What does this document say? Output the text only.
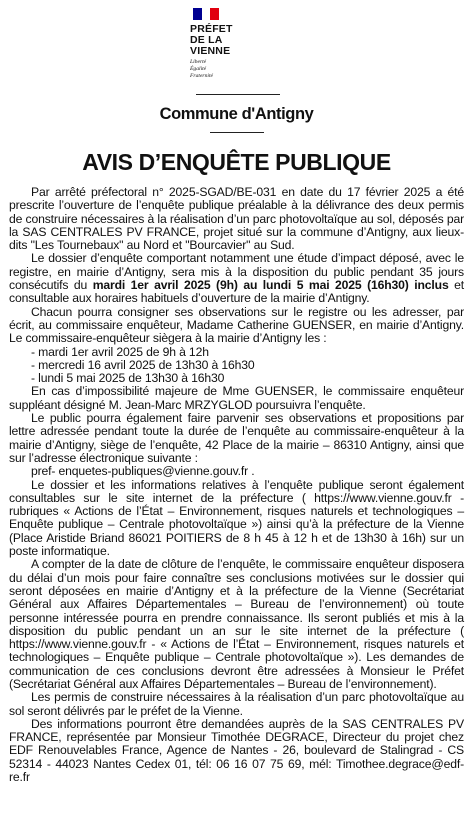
PRÉFET
DE LA VIENNE
Liberté
Égalité
Fraternité
Commune d'Antigny
AVIS D’ENQUÊTE PUBLIQUE

Par arrêté préfectoral n° 2025-SGAD/BE-031 en date du 17 février 2025 a été prescrite l’ouverture de l’enquête publique préalable à la délivrance des deux permis de construire nécessaires à la réalisation d’un parc photovoltaïque au sol, déposés par la SAS CENTRALES PV FRANCE, projet situé sur la commune d’Antigny, aux lieux-dits "Les Tournebaux" au Nord et "Bourcavier" au Sud.

Le dossier d’enquête comportant notamment une étude d’impact déposé, avec le registre, en mairie d’Antigny, sera mis à la disposition du public pendant 35 jours consécutifs du mardi 1er avril 2025 (9h) au lundi 5 mai 2025 (16h30) inclus et consultable aux horaires habituels d’ouverture de la mairie d’Antigny.

Chacun pourra consigner ses observations sur le registre ou les adresser, par écrit, au commissaire enquêteur, Madame Catherine GUENSER, en mairie d’Antigny. Le commissaire-enquêteur siègera à la mairie d’Antigny les :

- mardi 1er avril 2025 de 9h à 12h

- mercredi 16 avril 2025 de 13h30 à 16h30

- lundi 5 mai 2025 de 13h30 à 16h30

En cas d’impossibilité majeure de Mme GUENSER, le commissaire enquêteur suppléant désigné M. Jean-Marc MRZYGLOD poursuivra l’enquête.

Le public pourra également faire parvenir ses observations et propositions par lettre adressée pendant toute la durée de l’enquête au commissaire-enquêteur à la mairie d’Antigny, siège de l’enquête, 42 Place de la mairie – 86310 Antigny, ainsi que sur l’adresse électronique suivante :

pref- enquetes-publiques@vienne.gouv.fr .

Le dossier et les informations relatives à l’enquête publique seront également consultables sur le site internet de la préfecture ( https://www.vienne.gouv.fr - rubriques « Actions de l’État – Environnement, risques naturels et technologiques – Enquête publique – Centrale photovoltaïque ») ainsi qu’à la préfecture de la Vienne (Place Aristide Briand 86021 POITIERS de 8 h 45 à 12 h et de 13h30 à 16h) sur un poste informatique.

A compter de la date de clôture de l’enquête, le commissaire enquêteur disposera du délai d’un mois pour faire connaître ses conclusions motivées sur le dossier qui seront déposées en mairie d’Antigny et à la préfecture de la Vienne (Secrétariat Général aux Affaires Départementales – Bureau de l’environnement) où toute personne intéressée pourra en prendre connaissance. Ils seront publiés et mis à la disposition du public pendant un an sur le site internet de la préfecture ( https://www.vienne.gouv.fr - « Actions de l’État – Environnement, risques naturels et technologiques – Enquête publique – Centrale photovoltaïque »). Les demandes de communication de ces conclusions devront être adressées à Monsieur le Préfet (Secrétariat Général aux Affaires Départementales – Bureau de l’environnement).

Les permis de construire nécessaires à la réalisation d’un parc photovoltaïque au sol seront délivrés par le préfet de la Vienne.

Des informations pourront être demandées auprès de la SAS CENTRALES PV FRANCE, représentée par Monsieur Timothée DEGRACE, Directeur du projet chez EDF Renouvelables France, Agence de Nantes - 26, boulevard de Stalingrad - CS 52314 - 44023 Nantes Cedex 01, tél: 06 16 07 75 69, mél: Timothee.degrace@edf-re.fr
